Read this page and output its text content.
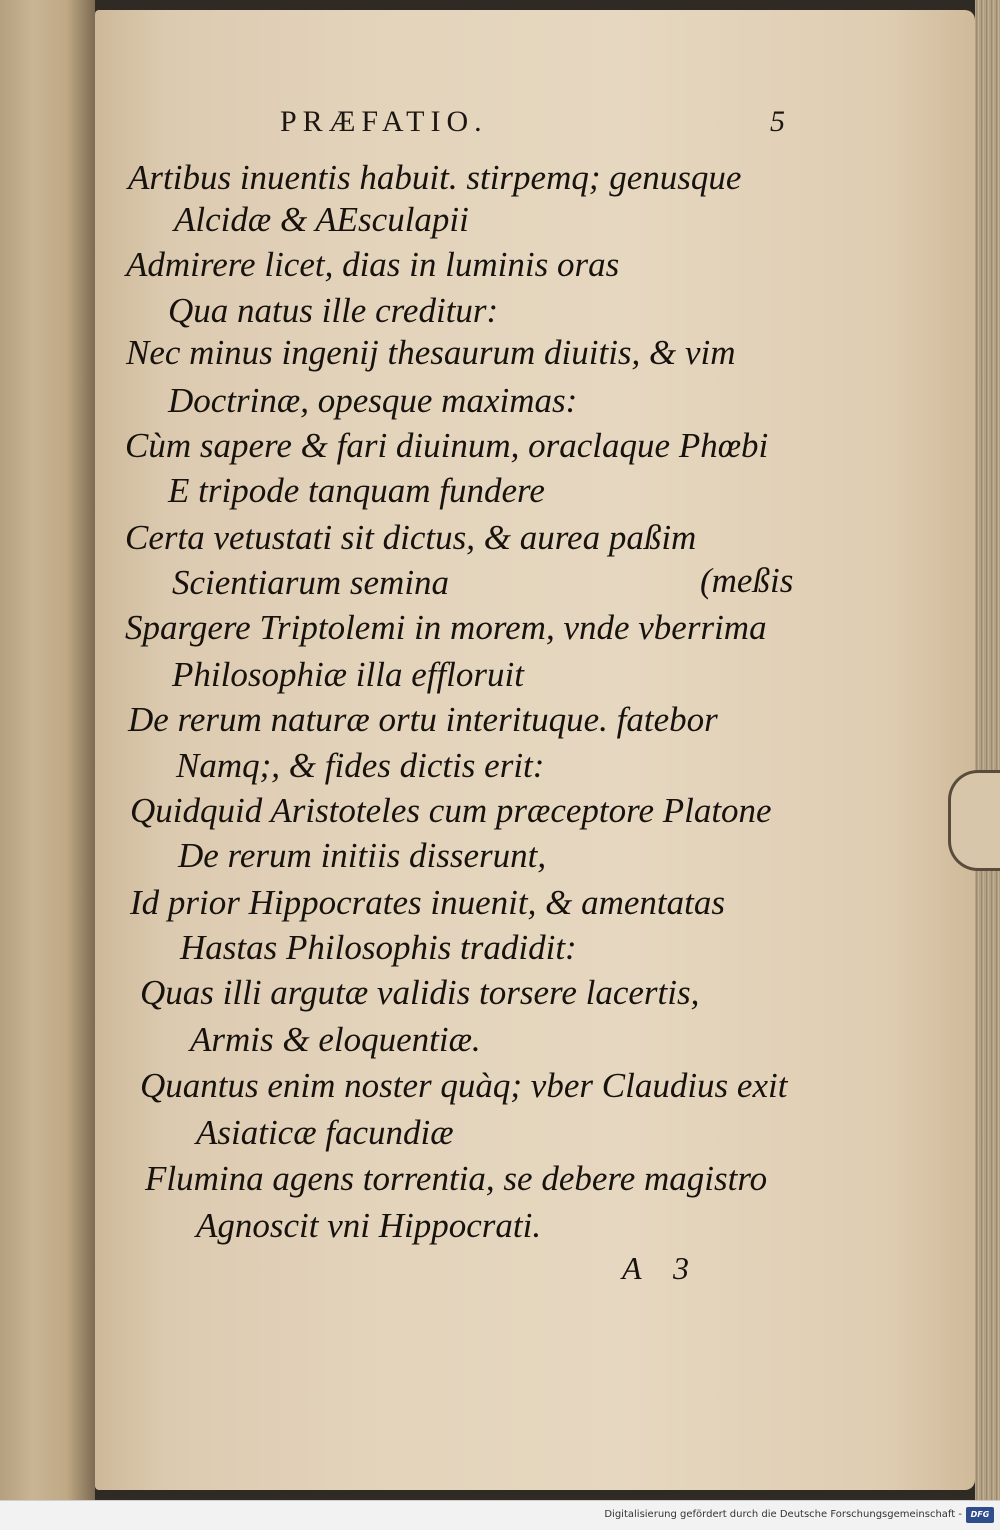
PRÆFATIO.	5
Artibus inuentis habuit. stirpemq; genusque
Alcidæ & AEsculapii
Admirere licet, dias in luminis oras
Qua natus ille creditur:
Nec minus ingenij thesaurum diuitis, & vim
Doctrinæ, opesque maximas:
Cùm sapere & fari diuinum, oraclaque Phœbi
E tripode tanquam fundere
Certa vetustati sit dictus, & aurea paßim
Scientiarum semina	(meßis
Spargere Triptolemi in morem, vnde vberrima
Philosophiæ illa effloruit
De rerum naturæ ortu interituque. fatebor
Namq;, & fides dictis erit:
Quidquid Aristoteles cum præceptore Platone
De rerum initiis disserunt,
Id prior Hippocrates inuenit, & amentatas
Hastas Philosophis tradidit:
Quas illi argutæ validis torsere lacertis,
Armis & eloquentiæ.
Quantus enim noster quàq; vber Claudius exit
Asiaticæ facundiæ
Flumina agens torrentia, se debere magistro
Agnoscit vni Hippocrati.
A 3
Digitalisierung gefördert durch die Deutsche Forschungsgemeinschaft -	DFG
